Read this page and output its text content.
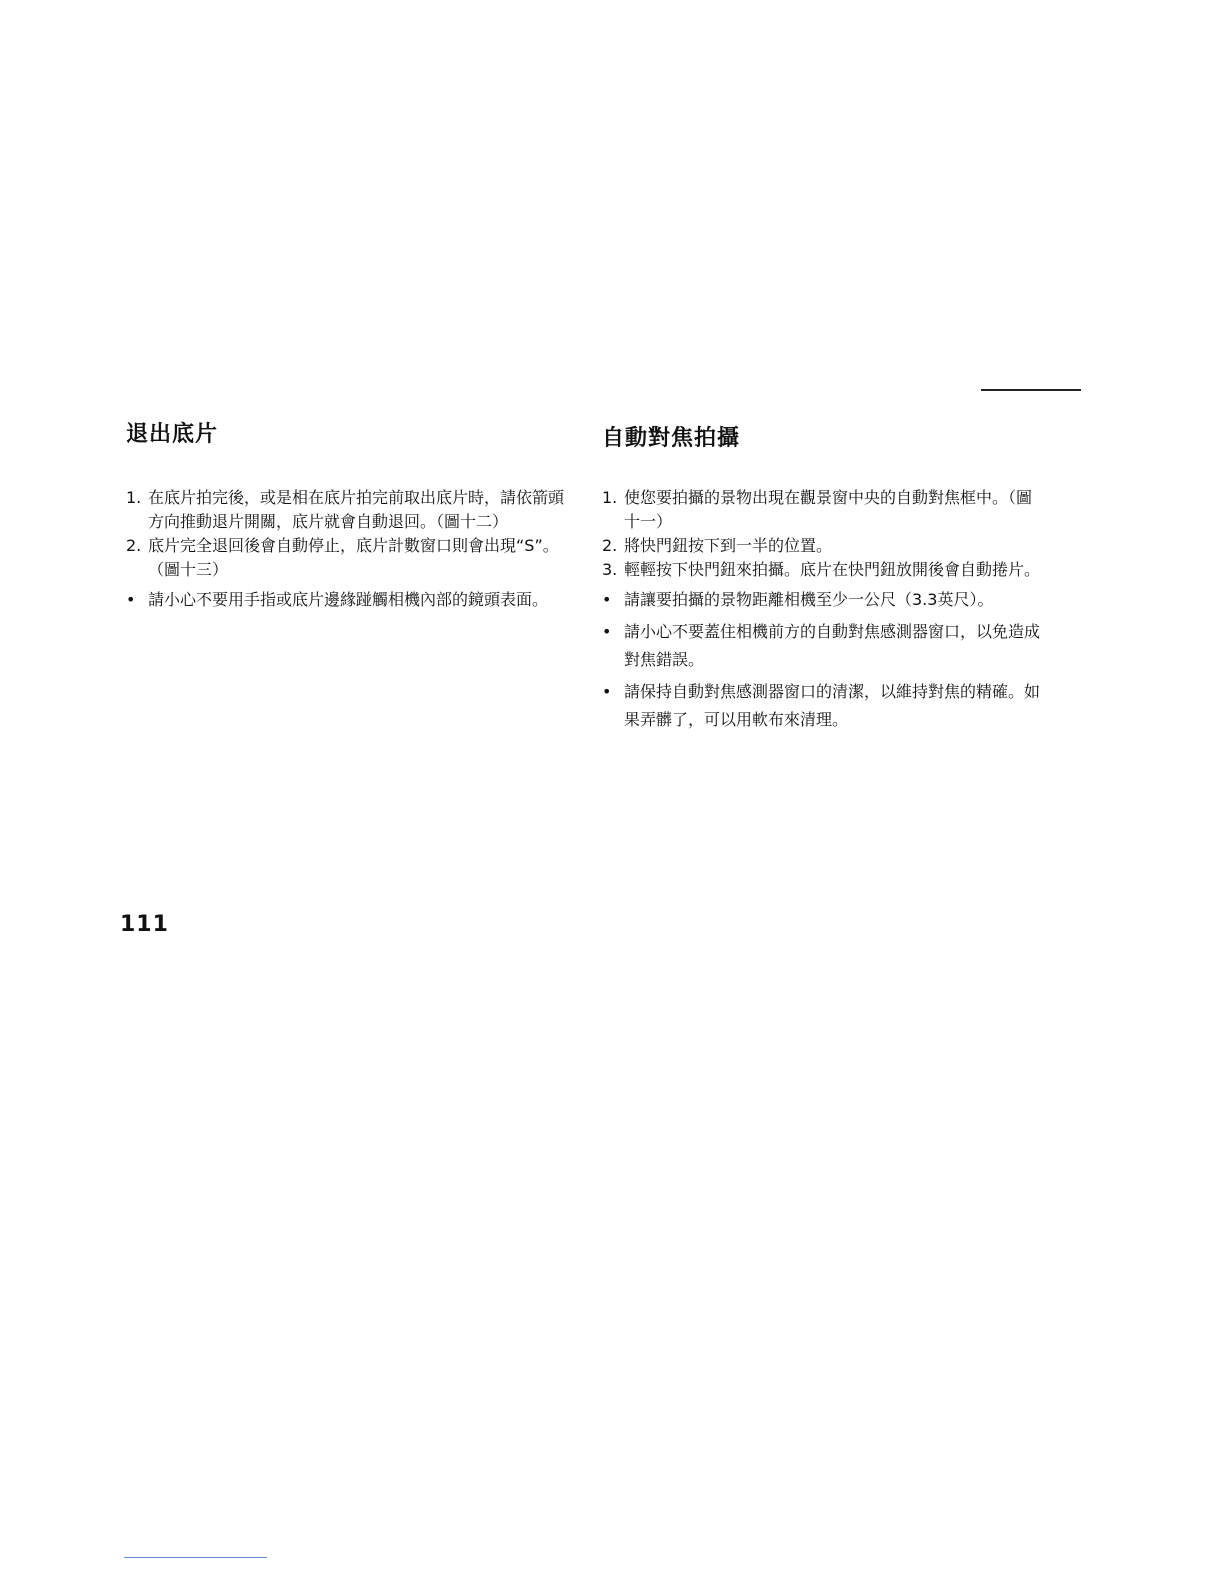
退出底片
1. 在底片拍完後，或是相在底片拍完前取出底片時，請依箭頭方向推動退片開關，底片就會自動退回。（圖十二）
2. 底片完全退回後會自動停止，底片計數窗口則會出現“S”。（圖十三）
• 請小心不要用手指或底片邊緣踫觸相機內部的鏡頭表面。
自動對焦拍攝
1. 使您要拍攝的景物出現在觀景窗中央的自動對焦框中。（圖十一）
2. 將快門鈕按下到一半的位置。
3. 輕輕按下快門鈕來拍攝。底片在快門鈕放開後會自動捲片。
• 請讓要拍攝的景物距離相機至少一公尺（3.3英尺）。
• 請小心不要蓋住相機前方的自動對焦感測器窗口，以免造成對焦錯誤。
• 請保持自動對焦感測器窗口的清潔，以維持對焦的精確。如果弄髒了，可以用軟布來清理。
111
